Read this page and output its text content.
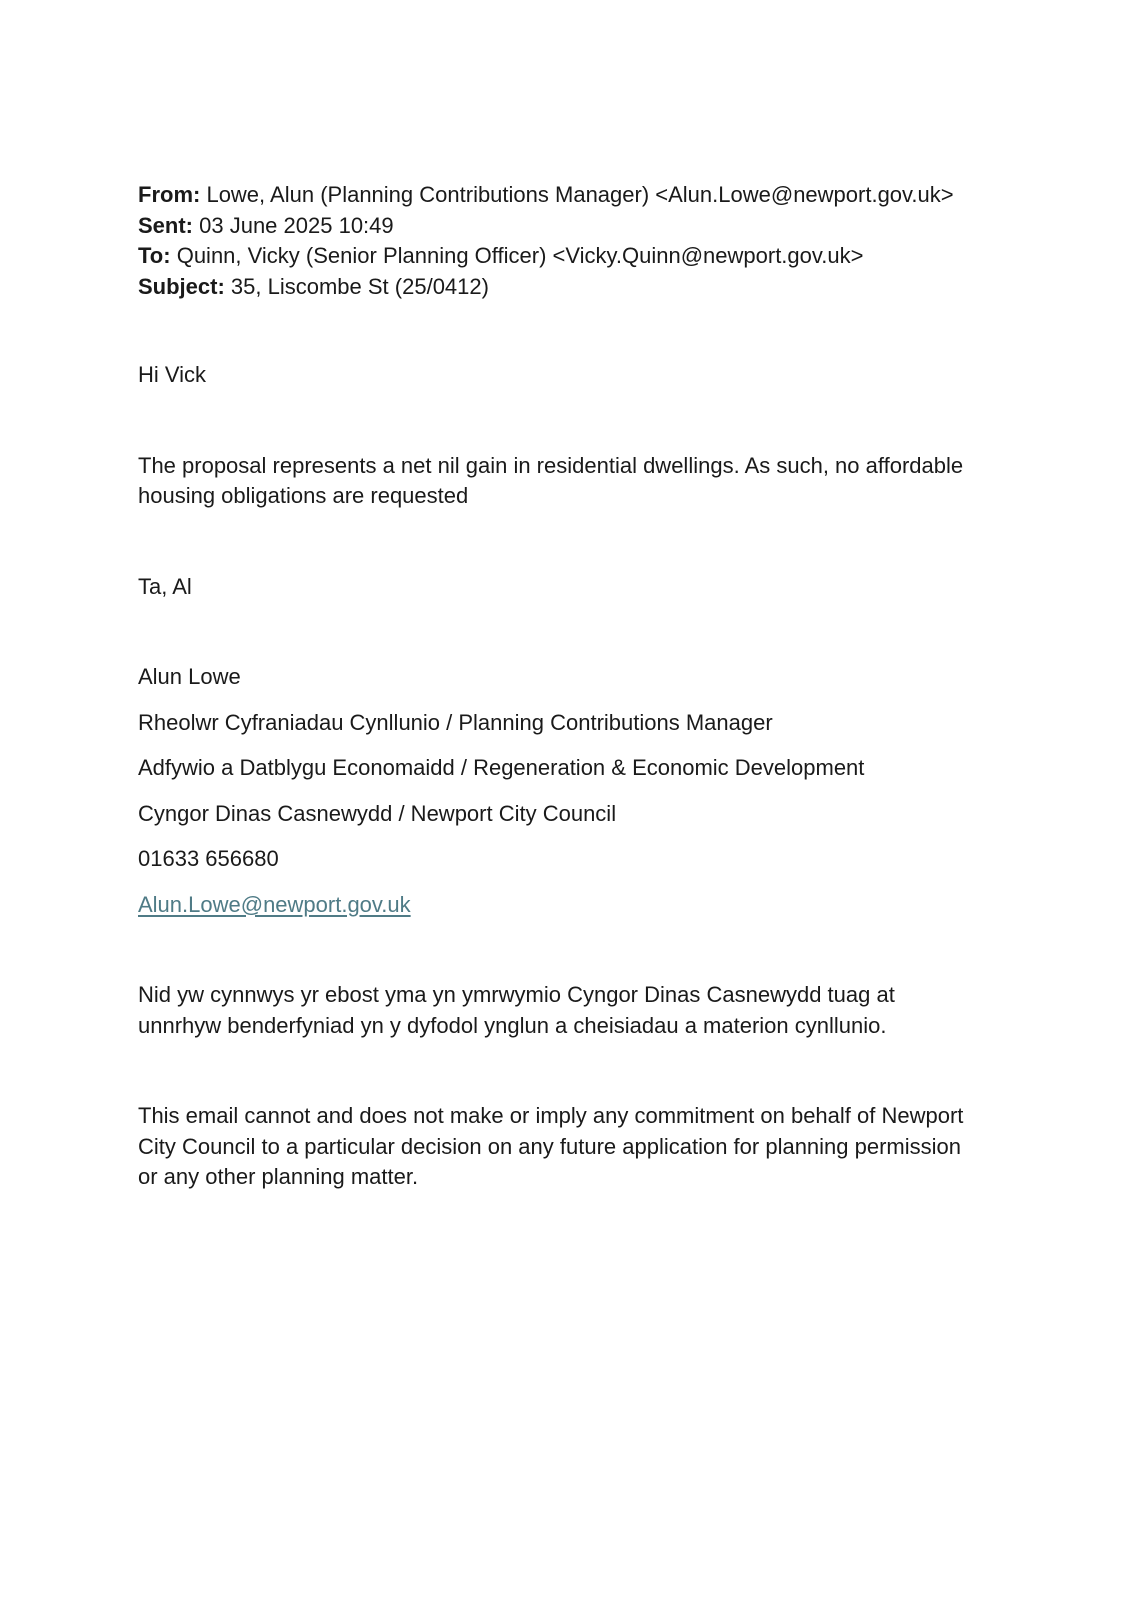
From: Lowe, Alun (Planning Contributions Manager) <Alun.Lowe@newport.gov.uk>
Sent: 03 June 2025 10:49
To: Quinn, Vicky (Senior Planning Officer) <Vicky.Quinn@newport.gov.uk>
Subject: 35, Liscombe St (25/0412)
Hi Vick
The proposal represents a net nil gain in residential dwellings. As such, no affordable
housing obligations are requested
Ta, Al
Alun Lowe
Rheolwr Cyfraniadau Cynllunio / Planning Contributions Manager
Adfywio a Datblygu Economaidd / Regeneration & Economic Development
Cyngor Dinas Casnewydd / Newport City Council
01633 656680
Alun.Lowe@newport.gov.uk
Nid yw cynnwys yr ebost yma yn ymrwymio Cyngor Dinas Casnewydd tuag at
unnrhyw benderfyniad yn y dyfodol ynglun a cheisiadau a materion cynllunio.
This email cannot and does not make or imply any commitment on behalf of Newport
City Council to a particular decision on any future application for planning permission
or any other planning matter.
